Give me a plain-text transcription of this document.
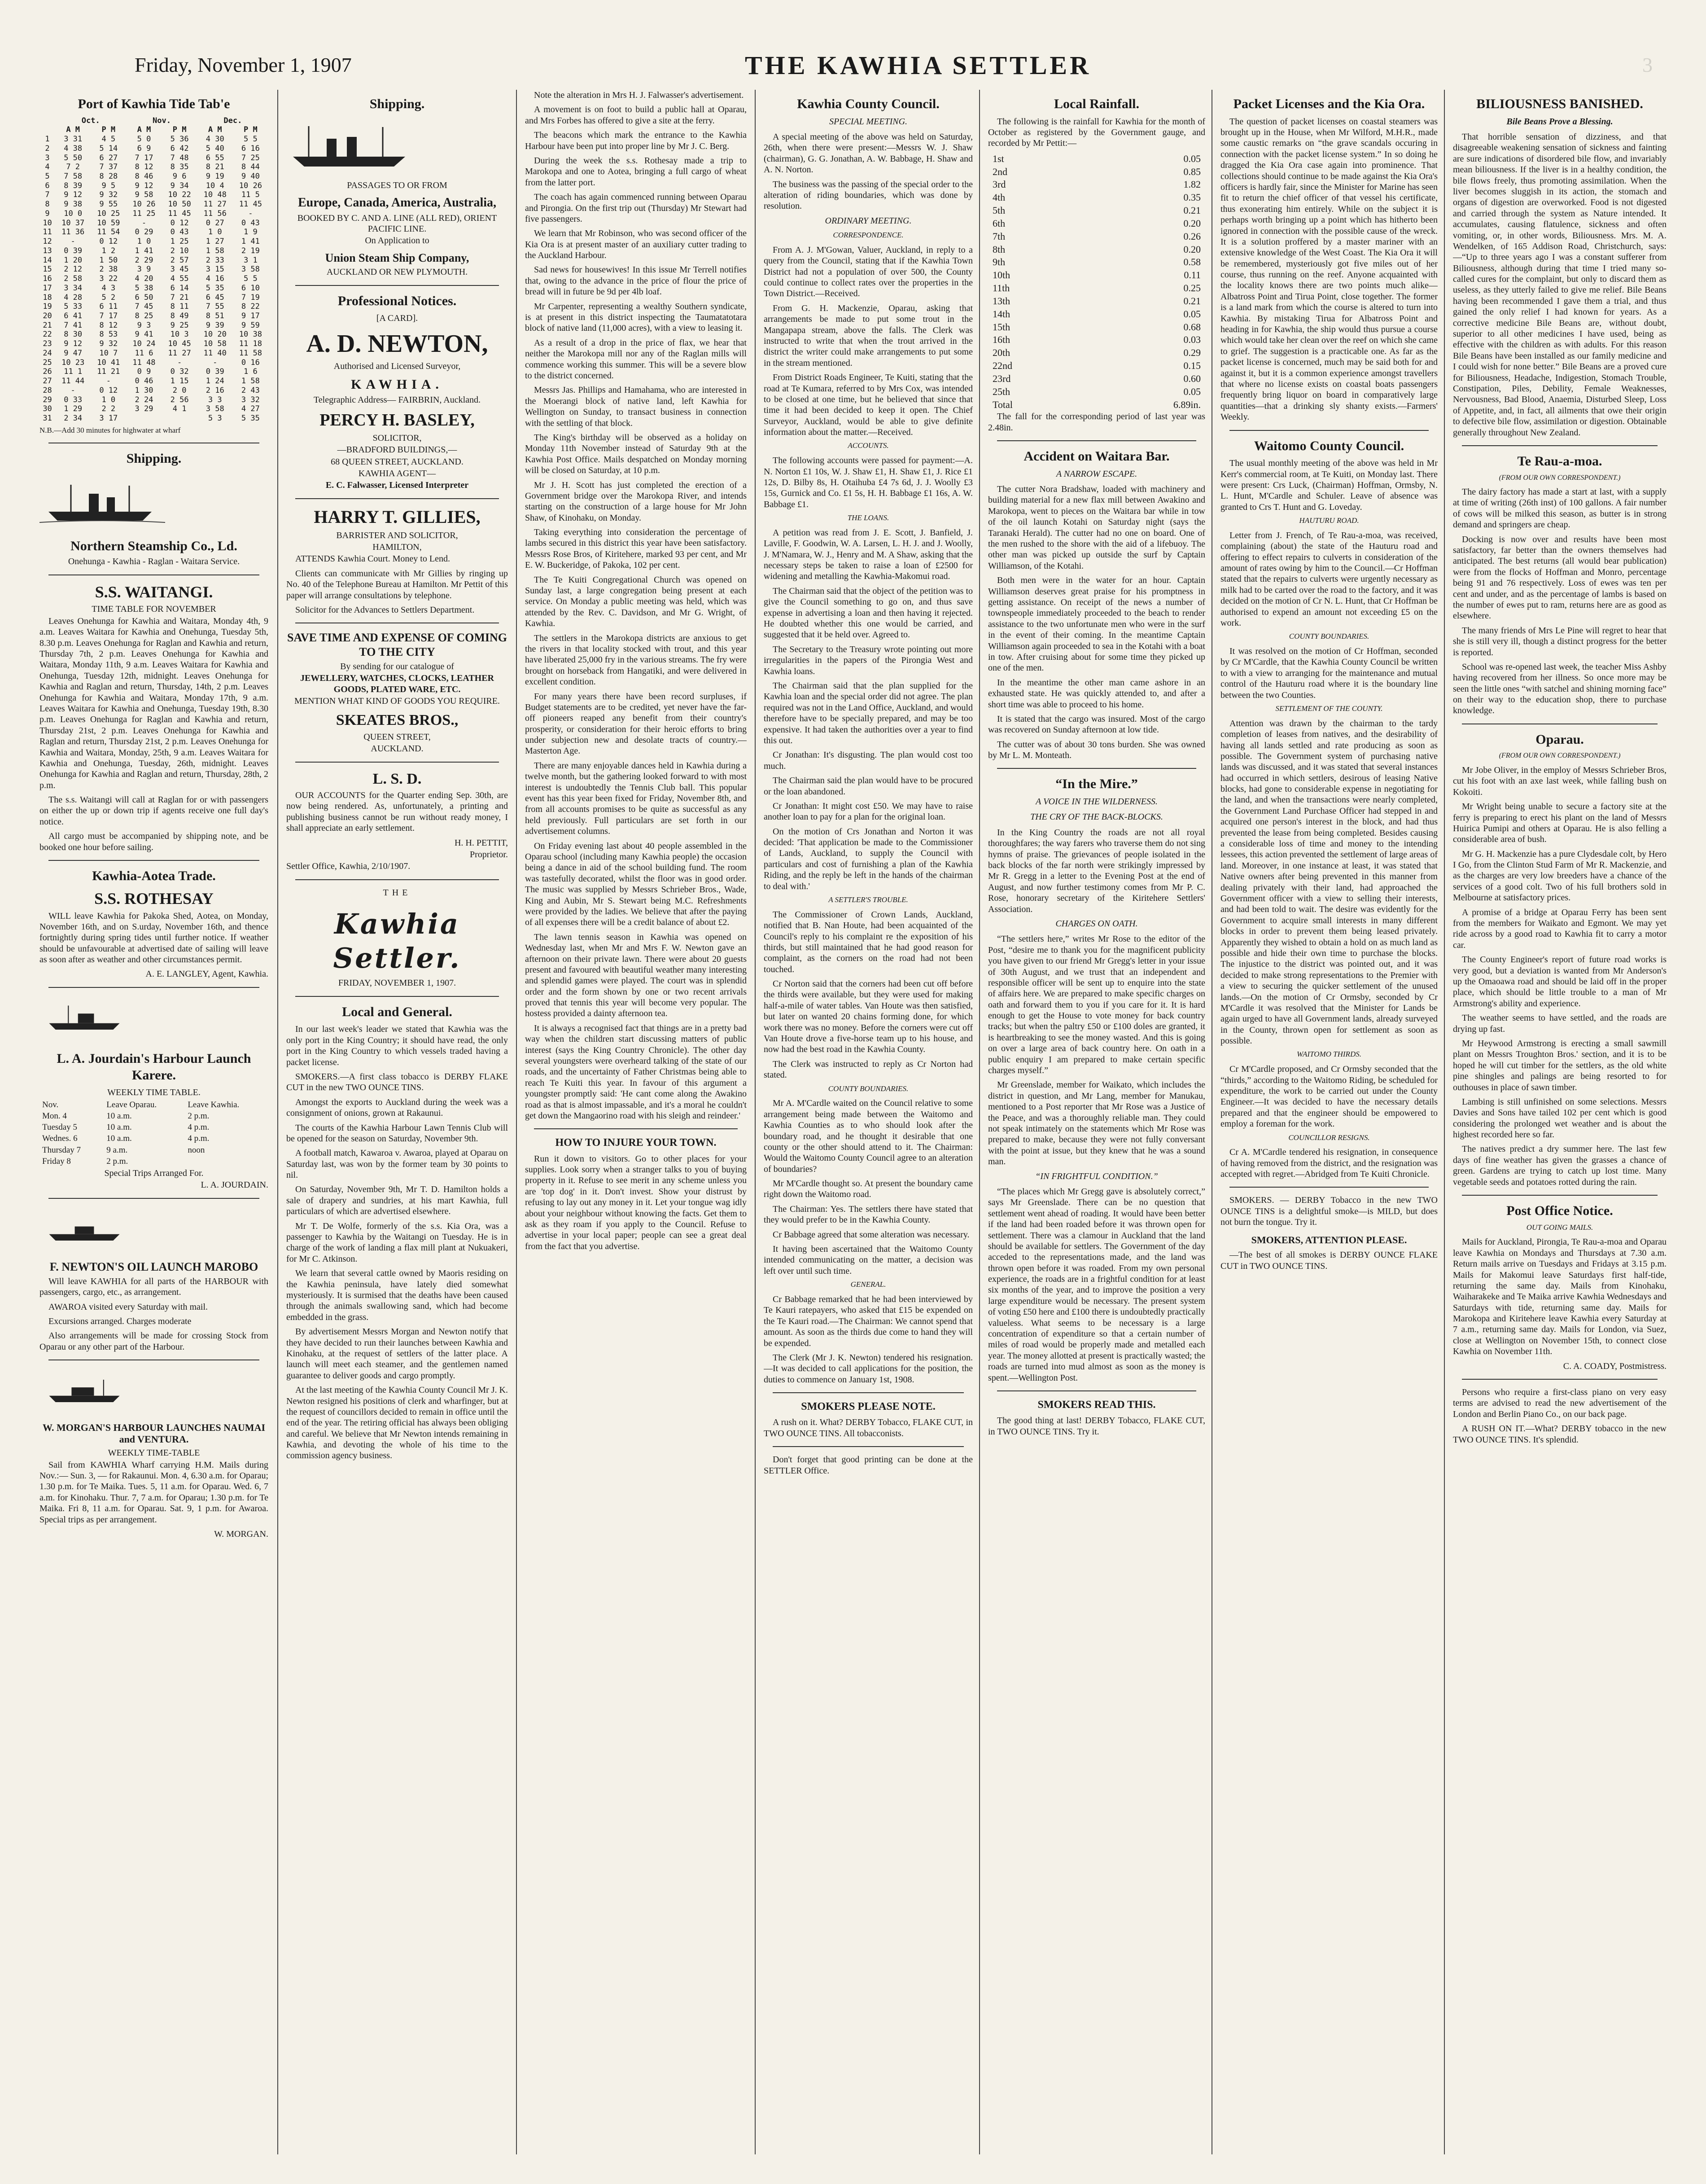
Friday, November 1, 1907	THE KAWHIA SETTLER	3
Port of Kawhia Tide Tab'e
	Oct.		Nov.		Dec.	
	A M	P M	A M	P M	A M	P M
1	3 31	4 5	5 0	5 36	4 30	5 5
2	4 38	5 14	6 9	6 42	5 40	6 16
3	5 50	6 27	7 17	7 48	6 55	7 25
4	7 2	7 37	8 12	8 35	8 21	8 44
5	7 58	8 28	8 46	9 6	9 19	9 40
6	8 39	9 5	9 12	9 34	10 4	10 26
7	9 12	9 32	9 58	10 22	10 48	11 5
8	9 38	9 55	10 26	10 50	11 27	11 45
9	10 0	10 25	11 25	11 45	11 56	-
10	10 37	10 59	-	0 12	0 27	0 43
11	11 36	11 54	0 29	0 43	1 0	1 9
12	-	0 12	1 0	1 25	1 27	1 41
13	0 39	1 2	1 41	2 10	1 58	2 19
14	1 20	1 50	2 29	2 57	2 33	3 1
15	2 12	2 38	3 9	3 45	3 15	3 58
16	2 58	3 22	4 20	4 55	4 16	5 5
17	3 34	4 3	5 38	6 14	5 35	6 10
18	4 28	5 2	6 50	7 21	6 45	7 19
19	5 33	6 11	7 45	8 11	7 55	8 22
20	6 41	7 17	8 25	8 49	8 51	9 17
21	7 41	8 12	9 3	9 25	9 39	9 59
22	8 30	8 53	9 41	10 3	10 20	10 38
23	9 12	9 32	10 24	10 45	10 58	11 18
24	9 47	10 7	11 6	11 27	11 40	11 58
25	10 23	10 41	11 48	-	-	0 16
26	11 1	11 21	0 9	0 32	0 39	1 6
27	11 44	-	0 46	1 15	1 24	1 58
28	-	0 12	1 30	2 0	2 16	2 43
29	0 33	1 0	2 24	2 56	3 3	3 32
30	1 29	2 2	3 29	4 1	3 58	4 27
31	2 34	3 17			5 3	5 35
N.B.—Add 30 minutes for highwater at wharf
Shipping.
Northern Steamship Co., Ld.
Onehunga - Kawhia - Raglan - Waitara Service.
S.S. WAITANGI.
TIME TABLE FOR NOVEMBER

Leaves Onehunga for Kawhia and Waitara, Monday 4th, 9 a.m. Leaves Waitara for Kawhia and Onehunga, Tuesday 5th, 8.30 p.m. Leaves Onehunga for Raglan and Kawhia and return, Thursday 7th, 2 p.m. Leaves Onehunga for Kawhia and Waitara, Monday 11th, 9 a.m. Leaves Waitara for Kawhia and Onehunga, Tuesday 12th, midnight. Leaves Onehunga for Kawhia and Raglan and return, Thursday, 14th, 2 p.m. Leaves Onehunga for Kawhia and Waitara, Monday 17th, 9 a.m. Leaves Waitara for Kawhia and Onehunga, Tuesday 19th, 8.30 p.m. Leaves Onehunga for Raglan and Kawhia and return, Thursday 21st, 2 p.m. Leaves Onehunga for Kawhia and Raglan and return, Thursday 21st, 2 p.m. Leaves Onehunga for Kawhia and Waitara, Monday, 25th, 9 a.m. Leaves Waitara for Kawhia and Onehunga, Tuesday, 26th, midnight. Leaves Onehunga for Kawhia and Raglan and return, Thursday, 28th, 2 p.m.

The s.s. Waitangi will call at Raglan for or with passengers on either the up or down trip if agents receive one full day's notice.

All cargo must be accompanied by shipping note, and be booked one hour before sailing.

Kawhia-Aotea Trade.
S.S. ROTHESAY

WILL leave Kawhia for Pakoka Shed, Aotea, on Monday, November 16th, and on S.urday, November 16th, and thence fortnightly during spring tides until further notice. If weather should be unfavourable at advertised date of sailing will leave as soon after as weather and other circumstances permit.

A. E. LANGLEY, Agent, Kawhia.
L. A. Jourdain's Harbour Launch Karere.
WEEKLY TIME TABLE.
Nov.	Leave Oparau.	Leave Kawhia.
Mon. 4	10 a.m.	2 p.m.
Tuesday 5	10 a.m.	4 p.m.
Wednes. 6	10 a.m.	4 p.m.
Thursday 7	9 a.m.	noon
Friday 8	2 p.m.	
Special Trips Arranged For.
L. A. JOURDAIN.
F. NEWTON'S OIL LAUNCH MAROBO

Will leave KAWHIA for all parts of the HARBOUR with passengers, cargo, etc., as arrangement.

AWAROA visited every Saturday with mail.

Excursions arranged. Charges moderate

Also arrangements will be made for crossing Stock from Oparau or any other part of the Harbour.

W. MORGAN'S HARBOUR LAUNCHES NAUMAI and VENTURA.
WEEKLY TIME-TABLE

Sail from KAWHIA Wharf carrying H.M. Mails during Nov.:— Sun. 3, — for Rakaunui. Mon. 4, 6.30 a.m. for Oparau; 1.30 p.m. for Te Maika. Tues. 5, 11 a.m. for Oparau. Wed. 6, 7 a.m. for Kinohaku. Thur. 7, 7 a.m. for Oparau; 1.30 p.m. for Te Maika. Fri 8, 11 a.m. for Oparau. Sat. 9, 1 p.m. for Awaroa. Special trips as per arrangement.

W. MORGAN.
Shipping.
PASSAGES TO OR FROM
Europe, Canada, America, Australia,
BOOKED BY C. AND A. LINE (ALL RED), ORIENT PACIFIC LINE.
On Application to
Union Steam Ship Company,
AUCKLAND OR NEW PLYMOUTH.
Professional Notices.
[A CARD].
A. D. NEWTON,
Authorised and Licensed Surveyor,
KAWHIA.
Telegraphic Address— FAIRBRIN, Auckland.
PERCY H. BASLEY,
SOLICITOR,
—BRADFORD BUILDINGS,—
68 QUEEN STREET, AUCKLAND.
KAWHIA AGENT—
E. C. Falwasser, Licensed Interpreter
HARRY T. GILLIES,
BARRISTER AND SOLICITOR,
HAMILTON,

ATTENDS Kawhia Court. Money to Lend.

Clients can communicate with Mr Gillies by ringing up No. 40 of the Telephone Bureau at Hamilton. Mr Pettit of this paper will arrange consultations by telephone.

Solicitor for the Advances to Settlers Department.

SAVE TIME AND EXPENSE OF COMING TO THE CITY
By sending for our catalogue of
JEWELLERY, WATCHES, CLOCKS, LEATHER GOODS, PLATED WARE, ETC.
MENTION WHAT KIND OF GOODS YOU REQUIRE.
SKEATES BROS.,
QUEEN STREET,
AUCKLAND.
L. S. D.

OUR ACCOUNTS for the Quarter ending Sep. 30th, are now being rendered. As, unfortunately, a printing and publishing business cannot be run without ready money, I shall appreciate an early settlement.

H. H. PETTIT,
Proprietor.
Settler Office, Kawhia, 2/10/1907.
THE
Kawhia Settler.
FRIDAY, NOVEMBER 1, 1907.
Local and General.

In our last week's leader we stated that Kawhia was the only port in the King Country; it should have read, the only port in the King Country to which vessels traded having a packet license.

SMOKERS.—A first class tobacco is DERBY FLAKE CUT in the new TWO OUNCE TINS.

Amongst the exports to Auckland during the week was a consignment of onions, grown at Rakaunui.

The courts of the Kawhia Harbour Lawn Tennis Club will be opened for the season on Saturday, November 9th.

A football match, Kawaroa v. Awaroa, played at Oparau on Saturday last, was won by the former team by 30 points to nil.

On Saturday, November 9th, Mr T. D. Hamilton holds a sale of drapery and sundries, at his mart Kawhia, full particulars of which are advertised elsewhere.

Mr T. De Wolfe, formerly of the s.s. Kia Ora, was a passenger to Kawhia by the Waitangi on Tuesday. He is in charge of the work of landing a flax mill plant at Nukuakeri, for Mr C. Atkinson.

We learn that several cattle owned by Maoris residing on the Kawhia peninsula, have lately died somewhat mysteriously. It is surmised that the deaths have been caused through the animals swallowing sand, which had become embedded in the grass.

By advertisement Messrs Morgan and Newton notify that they have decided to run their launches between Kawhia and Kinohaku, at the request of settlers of the latter place. A launch will meet each steamer, and the gentlemen named guarantee to deliver goods and cargo promptly.

At the last meeting of the Kawhia County Council Mr J. K. Newton resigned his positions of clerk and wharfinger, but at the request of councillors decided to remain in office until the end of the year. The retiring official has always been obliging and careful. We believe that Mr Newton intends remaining in Kawhia, and devoting the whole of his time to the commission agency business.

Note the alteration in Mrs H. J. Falwasser's advertisement.

A movement is on foot to build a public hall at Oparau, and Mrs Forbes has offered to give a site at the ferry.

The beacons which mark the entrance to the Kawhia Harbour have been put into proper line by Mr J. C. Berg.

During the week the s.s. Rothesay made a trip to Marokopa and one to Aotea, bringing a full cargo of wheat from the latter port.

The coach has again commenced running between Oparau and Pirongia. On the first trip out (Thursday) Mr Stewart had five passengers.

We learn that Mr Robinson, who was second officer of the Kia Ora is at present master of an auxiliary cutter trading to the Auckland Harbour.

Sad news for housewives! In this issue Mr Terrell notifies that, owing to the advance in the price of flour the price of bread will in future be 9d per 4lb loaf.

Mr Carpenter, representing a wealthy Southern syndicate, is at present in this district inspecting the Taumatatotara block of native land (11,000 acres), with a view to leasing it.

As a result of a drop in the price of flax, we hear that neither the Marokopa mill nor any of the Raglan mills will commence working this summer. This will be a severe blow to the district concerned.

Messrs Jas. Phillips and Hamahama, who are interested in the Moerangi block of native land, left Kawhia for Wellington on Sunday, to transact business in connection with the settling of that block.

The King's birthday will be observed as a holiday on Monday 11th November instead of Saturday 9th at the Kawhia Post Office. Mails despatched on Monday morning will be closed on Saturday, at 10 p.m.

Mr J. H. Scott has just completed the erection of a Government bridge over the Marokopa River, and intends starting on the construction of a large house for Mr John Shaw, of Kinohaku, on Monday.

Taking everything into consideration the percentage of lambs secured in this district this year have been satisfactory. Messrs Rose Bros, of Kiritehere, marked 93 per cent, and Mr E. W. Buckeridge, of Pakoka, 102 per cent.

The Te Kuiti Congregational Church was opened on Sunday last, a large congregation being present at each service. On Monday a public meeting was held, which was attended by the Rev. C. Davidson, and Mr G. Wright, of Kawhia.

The settlers in the Marokopa districts are anxious to get the rivers in that locality stocked with trout, and this year have liberated 25,000 fry in the various streams. The fry were brought on horseback from Hangatiki, and were delivered in excellent condition.

For many years there have been record surpluses, if Budget statements are to be credited, yet never have the far-off pioneers reaped any benefit from their country's prosperity, or consideration for their heroic efforts to bring under subjection new and desolate tracts of country.—Masterton Age.

There are many enjoyable dances held in Kawhia during a twelve month, but the gathering looked forward to with most interest is undoubtedly the Tennis Club ball. This popular event has this year been fixed for Friday, November 8th, and from all accounts promises to be quite as successful as any held previously. Full particulars are set forth in our advertisement columns.

On Friday evening last about 40 people assembled in the Oparau school (including many Kawhia people) the occasion being a dance in aid of the school building fund. The room was tastefully decorated, whilst the floor was in good order. The music was supplied by Messrs Schrieber Bros., Wade, King and Aubin, Mr S. Stewart being M.C. Refreshments were provided by the ladies. We believe that after the paying of all expenses there will be a credit balance of about £2.

The lawn tennis season in Kawhia was opened on Wednesday last, when Mr and Mrs F. W. Newton gave an afternoon on their private lawn. There were about 20 guests present and favoured with beautiful weather many interesting and splendid games were played. The court was in splendid order and the form shown by one or two recent arrivals proved that tennis this year will become very popular. The hostess provided a dainty afternoon tea.

It is always a recognised fact that things are in a pretty bad way when the children start discussing matters of public interest (says the King Country Chronicle). The other day several youngsters were overheard talking of the state of our roads, and the uncertainty of Father Christmas being able to reach Te Kuiti this year. In favour of this argument a youngster promptly said: 'He cant come along the Awakino road as that is almost impassable, and it's a moral he couldn't get down the Mangaorino road with his sleigh and reindeer.'

HOW TO INJURE YOUR TOWN.

Run it down to visitors. Go to other places for your supplies. Look sorry when a stranger talks to you of buying property in it. Refuse to see merit in any scheme unless you are 'top dog' in it. Don't invest. Show your distrust by refusing to lay out any money in it. Let your tongue wag idly about your neighbour without knowing the facts. Get them to ask as they roam if you apply to the Council. Refuse to advertise in your local paper; people can see a great deal from the fact that you advertise.

Kawhia County Council.
SPECIAL MEETING.

A special meeting of the above was held on Saturday, 26th, when there were present:—Messrs W. J. Shaw (chairman), G. G. Jonathan, A. W. Babbage, H. Shaw and A. N. Norton.

The business was the passing of the special order to the alteration of riding boundaries, which was done by resolution.

ORDINARY MEETING.
CORRESPONDENCE.

From A. J. M'Gowan, Valuer, Auckland, in reply to a query from the Council, stating that if the Kawhia Town District had not a population of over 500, the County could continue to collect rates over the properties in the Town District.—Received.

From G. H. Mackenzie, Oparau, asking that arrangements be made to put some trout in the Mangapapa stream, above the falls. The Clerk was instructed to write that when the trout arrived in the district the writer could make arrangements to put some in the stream mentioned.

From District Roads Engineer, Te Kuiti, stating that the road at Te Kumara, referred to by Mrs Cox, was intended to be closed at one time, but he believed that since that time it had been decided to keep it open. The Chief Surveyor, Auckland, would be able to give definite information about the matter.—Received.

ACCOUNTS.

The following accounts were passed for payment:—A. N. Norton £1 10s, W. J. Shaw £1, H. Shaw £1, J. Rice £1 12s, D. Bilby 8s, H. Otaihuba £4 7s 6d, J. J. Woolly £3 15s, Gurnick and Co. £1 5s, H. H. Babbage £1 16s, A. W. Babbage £1.

THE LOANS.

A petition was read from J. E. Scott, J. Banfield, J. Laville, F. Goodwin, W. A. Larsen, L. H. J. and J. Woolly, J. M'Namara, W. J., Henry and M. A Shaw, asking that the necessary steps be taken to raise a loan of £2500 for widening and metalling the Kawhia-Makomui road.

The Chairman said that the object of the petition was to give the Council something to go on, and thus save expense in advertising a loan and then having it rejected. He doubted whether this one would be carried, and suggested that it be held over. Agreed to.

The Secretary to the Treasury wrote pointing out more irregularities in the papers of the Pirongia West and Kawhia loans.

The Chairman said that the plan supplied for the Kawhia loan and the special order did not agree. The plan required was not in the Land Office, Auckland, and would therefore have to be specially prepared, and may be too expensive. It had taken the authorities over a year to find this out.

Cr Jonathan: It's disgusting. The plan would cost too much.

The Chairman said the plan would have to be procured or the loan abandoned.

Cr Jonathan: It might cost £50. We may have to raise another loan to pay for a plan for the original loan.

On the motion of Crs Jonathan and Norton it was decided: 'That application be made to the Commissioner of Lands, Auckland, to supply the Council with particulars and cost of furnishing a plan of the Kawhia Riding, and the reply be left in the hands of the chairman to deal with.'

A SETTLER'S TROUBLE.

The Commissioner of Crown Lands, Auckland, notified that B. Nan Houte, had been acquainted of the Council's reply to his complaint re the exposition of his thirds, but still maintained that he had good reason for complaint, as the corners on the road had not been touched.

Cr Norton said that the corners had been cut off before the thirds were available, but they were used for making half-a-mile of water tables. Van Houte was then satisfied, but later on wanted 20 chains forming done, for which work there was no money. Before the corners were cut off Van Houte drove a five-horse team up to his house, and now had the best road in the Kawhia County.

The Clerk was instructed to reply as Cr Norton had stated.

COUNTY BOUNDARIES.

Mr A. M'Cardle waited on the Council relative to some arrangement being made between the Waitomo and Kawhia Counties as to who should look after the boundary road, and he thought it desirable that one county or the other should attend to it. The Chairman: Would the Waitomo County Council agree to an alteration of boundaries?

Mr M'Cardle thought so. At present the boundary came right down the Waitomo road.

The Chairman: Yes. The settlers there have stated that they would prefer to be in the Kawhia County.

Cr Babbage agreed that some alteration was necessary.

It having been ascertained that the Waitomo County intended communicating on the matter, a decision was left over until such time.

GENERAL.

Cr Babbage remarked that he had been interviewed by Te Kauri ratepayers, who asked that £15 be expended on the Te Kauri road.—The Chairman: We cannot spend that amount. As soon as the thirds due come to hand they will be expended.

The Clerk (Mr J. K. Newton) tendered his resignation.—It was decided to call applications for the position, the duties to commence on January 1st, 1908.

SMOKERS PLEASE NOTE.

A rush on it. What? DERBY Tobacco, FLAKE CUT, in TWO OUNCE TINS. All tobacconists.

Don't forget that good printing can be done at the SETTLER Office.

Local Rainfall.

The following is the rainfall for Kawhia for the month of October as registered by the Government gauge, and recorded by Mr Pettit:—

1st	0.05
2nd	0.85
3rd	1.82
4th	0.35
5th	0.21
6th	0.20
7th	0.26
8th	0.20
9th	0.58
10th	0.11
11th	0.25
13th	0.21
14th	0.05
15th	0.68
16th	0.03
20th	0.29
22nd	0.15
23rd	0.60
25th	0.05
Total	6.89in.

The fall for the corresponding period of last year was 2.48in.

Accident on Waitara Bar.
A NARROW ESCAPE.

The cutter Nora Bradshaw, loaded with machinery and building material for a new flax mill between Awakino and Marokopa, went to pieces on the Waitara bar while in tow of the oil launch Kotahi on Saturday night (says the Taranaki Herald). The cutter had no one on board. One of the men rushed to the shore with the aid of a lifebuoy. The other man was picked up outside the surf by Captain Williamson, of the Kotahi.

Both men were in the water for an hour. Captain Williamson deserves great praise for his promptness in getting assistance. On receipt of the news a number of townspeople immediately proceeded to the beach to render assistance to the two unfortunate men who were in the surf in the event of their coming. In the meantime Captain Williamson again proceeded to sea in the Kotahi with a boat in tow. After cruising about for some time they picked up one of the men.

In the meantime the other man came ashore in an exhausted state. He was quickly attended to, and after a short time was able to proceed to his home.

It is stated that the cargo was insured. Most of the cargo was recovered on Sunday afternoon at low tide.

The cutter was of about 30 tons burden. She was owned by Mr L. M. Monteath.

“In the Mire.”
A VOICE IN THE WILDERNESS.
THE CRY OF THE BACK-BLOCKS.

In the King Country the roads are not all royal thoroughfares; the way farers who traverse them do not sing hymns of praise. The grievances of people isolated in the back blocks of the far north were strikingly impressed by Mr R. Gregg in a letter to the Evening Post at the end of August, and now further testimony comes from Mr P. C. Rose, honorary secretary of the Kiritehere Settlers' Association.

CHARGES ON OATH.

“The settlers here,” writes Mr Rose to the editor of the Post, “desire me to thank you for the magnificent publicity you have given to our friend Mr Gregg's letter in your issue of 30th August, and we trust that an independent and responsible officer will be sent up to enquire into the state of affairs here. We are prepared to make specific charges on oath and forward them to you if you care for it. It is hard enough to get the House to vote money for back country tracks; but when the paltry £50 or £100 doles are granted, it is heartbreaking to see the money wasted. And this is going on over a large area of back country here. On oath in a public enquiry I am prepared to make certain specific charges myself.”

Mr Greenslade, member for Waikato, which includes the district in question, and Mr Lang, member for Manukau, mentioned to a Post reporter that Mr Rose was a Justice of the Peace, and was a thoroughly reliable man. They could not speak intimately on the statements which Mr Rose was prepared to make, because they were not fully conversant with the point at issue, but they knew that he was a sound man.

“IN FRIGHTFUL CONDITION.”

“The places which Mr Gregg gave is absolutely correct,” says Mr Greenslade. There can be no question that settlement went ahead of roading. It would have been better if the land had been roaded before it was thrown open for settlement. There was a clamour in Auckland that the land should be available for settlers. The Government of the day acceded to the representations made, and the land was thrown open before it was roaded. From my own personal experience, the roads are in a frightful condition for at least six months of the year, and to improve the position a very large expenditure would be necessary. The present system of voting £50 here and £100 there is undoubtedly practically valueless. What seems to be necessary is a large concentration of expenditure so that a certain number of miles of road would be properly made and metalled each year. The money allotted at present is practically wasted; the roads are turned into mud almost as soon as the money is spent.—Wellington Post.

SMOKERS READ THIS.

The good thing at last! DERBY Tobacco, FLAKE CUT, in TWO OUNCE TINS. Try it.

Packet Licenses and the Kia Ora.

The question of packet licenses on coastal steamers was brought up in the House, when Mr Wilford, M.H.R., made some caustic remarks on “the grave scandals occuring in connection with the packet license system.” In so doing he dragged the Kia Ora case again into prominence. That collections should continue to be made against the Kia Ora's officers is hardly fair, since the Minister for Marine has seen fit to return the chief officer of that vessel his certificate, thus exonerating him entirely. While on the subject it is perhaps worth bringing up a point which has hitherto been ignored in connection with the possible cause of the wreck. It is a solution proffered by a master mariner with an extensive knowledge of the West Coast. The Kia Ora it will be remembered, mysteriously got five miles out of her course, thus running on the reef. Anyone acquainted with the locality knows there are two points much alike—Albatross Point and Tirua Point, close together. The former is a land mark from which the course is altered to turn into Kawhia. By mistaking Tirua for Albatross Point and heading in for Kawhia, the ship would thus pursue a course which would take her clean over the reef on which she came to grief. The suggestion is a practicable one. As far as the packet license is concerned, much may be said both for and against it, but it is a common experience amongst travellers that where no license exists on coastal boats passengers frequently bring liquor on board in comparatively large quantities—that a drinking sly shanty exists.—Farmers' Weekly.

Waitomo County Council.

The usual monthly meeting of the above was held in Mr Kerr's commercial room, at Te Kuiti, on Monday last. There were present: Crs Luck, (Chairman) Hoffman, Ormsby, N. L. Hunt, M'Cardle and Schuler. Leave of absence was granted to Crs T. Hunt and G. Loveday.

HAUTURU ROAD.

Letter from J. French, of Te Rau-a-moa, was received, complaining (about) the state of the Hauturu road and offering to effect repairs to culverts in consideration of the amount of rates owing by him to the Council.—Cr Hoffman stated that the repairs to culverts were urgently necessary as milk had to be carted over the road to the factory, and it was decided on the motion of Cr N. L. Hunt, that Cr Hoffman be authorised to expend an amount not exceeding £5 on the work.

COUNTY BOUNDARIES.

It was resolved on the motion of Cr Hoffman, seconded by Cr M'Cardle, that the Kawhia County Council be written to with a view to arranging for the maintenance and mutual control of the Hauturu road where it is the boundary line between the two Counties.

SETTLEMENT OF THE COUNTY.

Attention was drawn by the chairman to the tardy completion of leases from natives, and the desirability of having all lands settled and rate producing as soon as possible. The Government system of purchasing native lands was discussed, and it was stated that several instances had occurred in which settlers, desirous of leasing Native blocks, had gone to considerable expense in negotiating for the land, and when the transactions were nearly completed, the Government Land Purchase Officer had stepped in and acquired one person's interest in the block, and had thus prevented the lease from being completed. Besides causing a considerable loss of time and money to the intending lessees, this action prevented the settlement of large areas of land. Moreover, in one instance at least, it was stated that Native owners after being prevented in this manner from dealing privately with their land, had approached the Government officer with a view to selling their interests, and had been told to wait. The desire was evidently for the Government to acquire small interests in many different blocks in order to prevent them being leased privately. Apparently they wished to obtain a hold on as much land as possible and hide their own time to purchase the blocks. The injustice to the district was pointed out, and it was decided to make strong representations to the Premier with a view to securing the quicker settlement of the unused lands.—On the motion of Cr Ormsby, seconded by Cr M'Cardle it was resolved that the Minister for Lands be again urged to have all Government lands, already surveyed in the County, thrown open for settlement as soon as possible.

WAITOMO THIRDS.

Cr M'Cardle proposed, and Cr Ormsby seconded that the “thirds,” according to the Waitomo Riding, be scheduled for expenditure, the work to be carried out under the County Engineer.—It was decided to have the necessary details prepared and that the engineer should be empowered to employ a foreman for the work.

COUNCILLOR RESIGNS.

Cr A. M'Cardle tendered his resignation, in consequence of having removed from the district, and the resignation was accepted with regret.—Abridged from Te Kuiti Chronicle.

SMOKERS. — DERBY Tobacco in the new TWO OUNCE TINS is a delightful smoke—is MILD, but does not burn the tongue. Try it.

SMOKERS, ATTENTION PLEASE.

—The best of all smokes is DERBY OUNCE FLAKE CUT in TWO OUNCE TINS.

BILIOUSNESS BANISHED.
Bile Beans Prove a Blessing.

That horrible sensation of dizziness, and that disagreeable weakening sensation of sickness and fainting are sure indications of disordered bile flow, and invariably mean biliousness. If the liver is in a healthy condition, the bile flows freely, thus promoting assimilation. When the liver becomes sluggish in its action, the stomach and organs of digestion are overworked. Food is not digested and carried through the system as Nature intended. It accumulates, causing flatulence, sickness and often vomiting, or, in other words, Biliousness. Mrs. M. A. Wendelken, of 165 Addison Road, Christchurch, says:—“Up to three years ago I was a constant sufferer from Biliousness, although during that time I tried many so-called cures for the complaint, but only to discard them as useless, as they utterly failed to give me relief. Bile Beans having been recommended I gave them a trial, and thus gained the only relief I had known for years. As a corrective medicine Bile Beans are, without doubt, superior to all other medicines I have used, being as effective with the children as with adults. For this reason Bile Beans have been installed as our family medicine and I could wish for none better.” Bile Beans are a proved cure for Biliousness, Headache, Indigestion, Stomach Trouble, Constipation, Piles, Debility, Female Weaknesses, Nervousness, Bad Blood, Anaemia, Disturbed Sleep, Loss of Appetite, and, in fact, all ailments that owe their origin to defective bile flow, assimilation or digestion. Obtainable generally throughout New Zealand.

Te Rau-a-moa.
(FROM OUR OWN CORRESPONDENT.)

The dairy factory has made a start at last, with a supply at time of writing (26th inst) of 100 gallons. A fair number of cows will be milked this season, as butter is in strong demand and springers are cheap.

Docking is now over and results have been most satisfactory, far better than the owners themselves had anticipated. The best returns (all would bear publication) were from the flocks of Hoffman and Monro, percentage being 91 and 76 respectively. Loss of ewes was ten per cent and under, and as the percentage of lambs is based on the number of ewes put to ram, returns here are as good as elsewhere.

The many friends of Mrs Le Pine will regret to hear that she is still very ill, though a distinct progress for the better is reported.

School was re-opened last week, the teacher Miss Ashby having recovered from her illness. So once more may be seen the little ones “with satchel and shining morning face” on their way to the education shop, there to purchase knowledge.

Oparau.
(FROM OUR OWN CORRESPONDENT.)

Mr Jobe Oliver, in the employ of Messrs Schrieber Bros, cut his foot with an axe last week, while falling bush on Kokoiti.

Mr Wright being unable to secure a factory site at the ferry is preparing to erect his plant on the land of Messrs Huirica Pumipi and others at Oparau. He is also felling a considerable area of bush.

Mr G. H. Mackenzie has a pure Clydesdale colt, by Hero I Go, from the Clinton Stud Farm of Mr R. Mackenzie, and as the charges are very low breeders have a chance of the services of a good colt. Two of his full brothers sold in Melbourne at satisfactory prices.

A promise of a bridge at Oparau Ferry has been sent from the members for Waikato and Egmont. We may yet ride across by a good road to Kawhia fit to carry a motor car.

The County Engineer's report of future road works is very good, but a deviation is wanted from Mr Anderson's up the Omaoawa road and should be laid off in the proper place, which should be little trouble to a man of Mr Armstrong's ability and experience.

The weather seems to have settled, and the roads are drying up fast.

Mr Heywood Armstrong is erecting a small sawmill plant on Messrs Troughton Bros.' section, and it is to be hoped he will cut timber for the settlers, as the old white pine shingles and palings are being resorted to for outhouses in place of sawn timber.

Lambing is still unfinished on some selections. Messrs Davies and Sons have tailed 102 per cent which is good considering the prolonged wet weather and is about the highest recorded here so far.

The natives predict a dry summer here. The last few days of fine weather has given the grasses a chance of green. Gardens are trying to catch up lost time. Many vegetable seeds and potatoes rotted during the rain.

Post Office Notice.
OUT GOING MAILS.

Mails for Auckland, Pirongia, Te Rau-a-moa and Oparau leave Kawhia on Mondays and Thursdays at 7.30 a.m. Return mails arrive on Tuesdays and Fridays at 3.15 p.m. Mails for Makomui leave Saturdays first half-tide, returning the same day. Mails from Kinohaku, Waiharakeke and Te Maika arrive Kawhia Wednesdays and Saturdays with tide, returning same day. Mails for Marokopa and Kiritehere leave Kawhia every Saturday at 7 a.m., returning same day. Mails for London, via Suez, close at Wellington on November 15th, to connect close Kawhia on November 11th.

C. A. COADY, Postmistress.

Persons who require a first-class piano on very easy terms are advised to read the new advertisement of the London and Berlin Piano Co., on our back page.

A RUSH ON IT.—What? DERBY tobacco in the new TWO OUNCE TINS. It's splendid.
